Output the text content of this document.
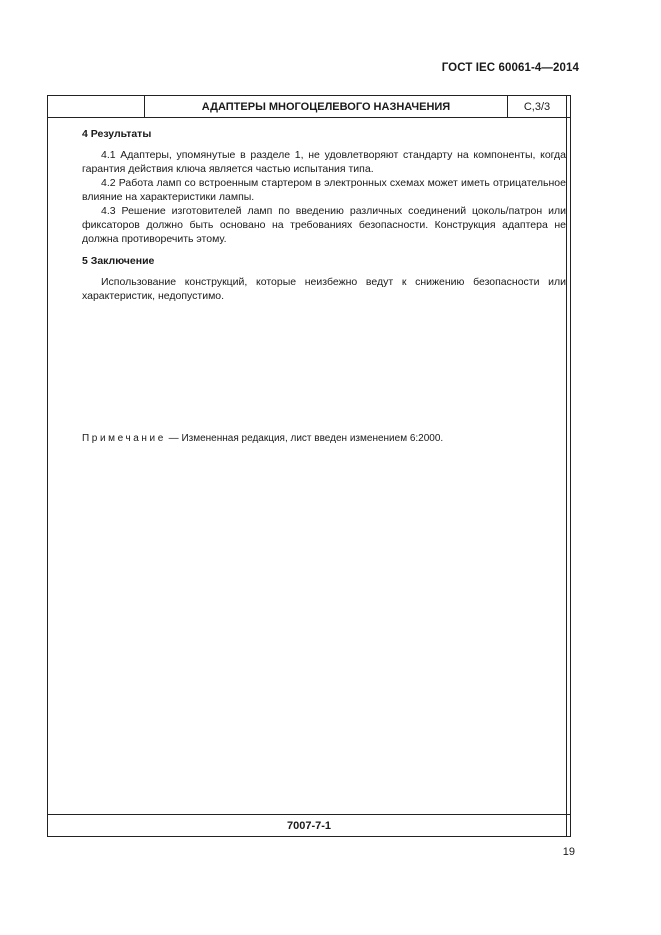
ГОСТ IEC 60061-4—2014
АДАПТЕРЫ МНОГОЦЕЛЕВОГО НАЗНАЧЕНИЯ	С,3/3

4 Результаты

4.1 Адаптеры, упомянутые в разделе 1, не удовлетворяют стандарту на компоненты, когда гарантия действия ключа является частью испытания типа.

4.2 Работа ламп со встроенным стартером в электронных схемах может иметь отрицательное влияние на характеристики лампы.

4.3 Решение изготовителей ламп по введению различных соединений цоколь/патрон или фиксаторов должно быть основано на требованиях безопасности. Конструкция адаптера не должна противоречить этому.

5 Заключение

Использование конструкций, которые неизбежно ведут к снижению безопасности или характеристик, недопустимо.

Примечание — Измененная редакция, лист введен изменением 6:2000.
7007-7-1
19
